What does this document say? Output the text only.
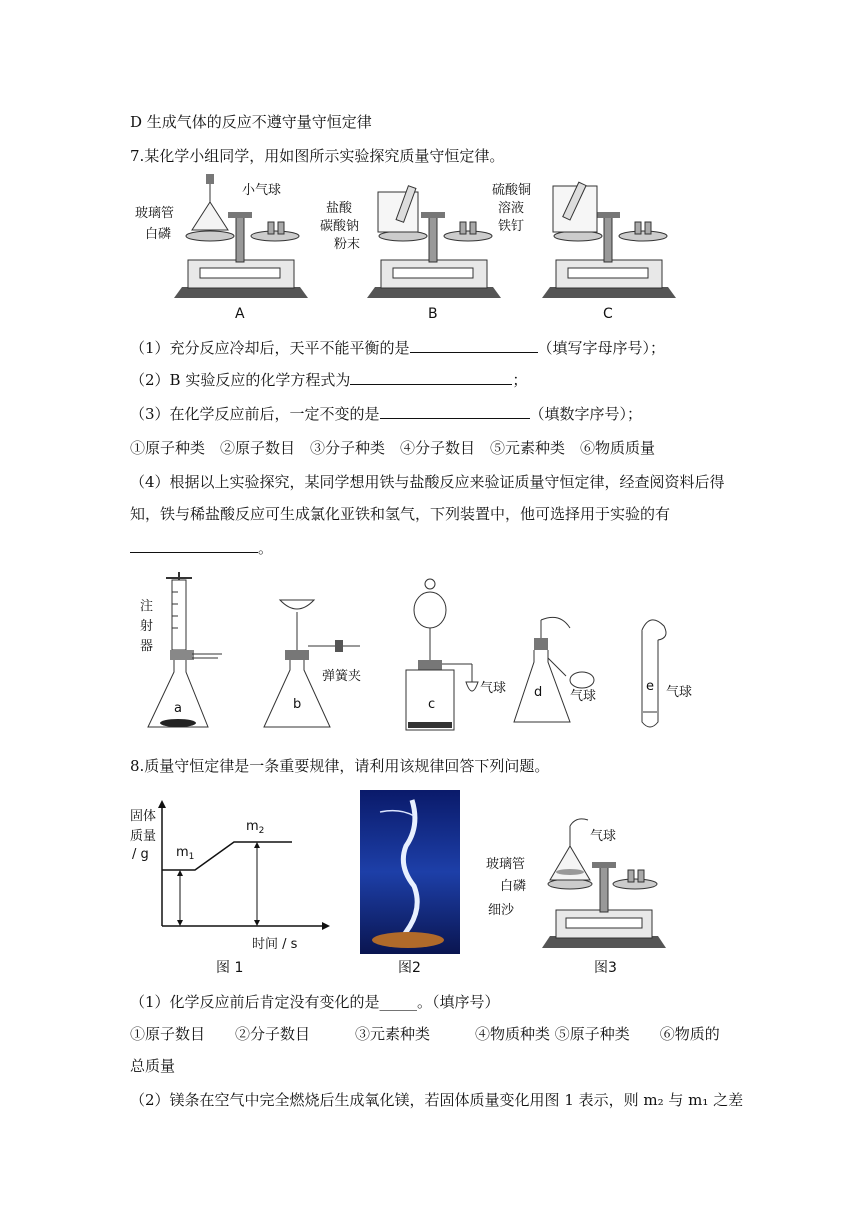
D 生成气体的反应不遵守量守恒定律
7.某化学小组同学，用如图所示实验探究质量守恒定律。
玻璃管
白磷
小气球
A
盐酸
碳酸钠
粉末
B
硫酸铜
溶液
铁钉
C
（1）充分反应冷却后，天平不能平衡的是	（填写字母序号）；
（2）B 实验反应的化学方程式为	；
（3）在化学反应前后，一定不变的是	（填数字序号）；
①原子种类　②原子数目　③分子种类　④分子数目　⑤元素种类　⑥物质质量
（4）根据以上实验探究，某同学想用铁与盐酸反应来验证质量守恒定律，经查阅资料后得
知，铁与稀盐酸反应可生成氯化亚铁和氢气，下列装置中，他可选择用于实验的有
。
a
注
射
器
b
弹簧夹
c
气球 d 气球
e 气球
8.质量守恒定律是一条重要规律，请利用该规律回答下列问题。
固体
质量
/ g $m_1$
$m_2$
时间 / s
图 1	图2
气球
玻璃管
白磷
细沙
图3
（1）化学反应前后肯定没有变化的是_____。（填序号）
①原子数目　　②分子数目　　　③元素种类　　　④物质种类 ⑤原子种类　　⑥物质的
总质量
（2）镁条在空气中完全燃烧后生成氧化镁，若固体质量变化用图 1 表示，则 m₂ 与 m₁ 之差
